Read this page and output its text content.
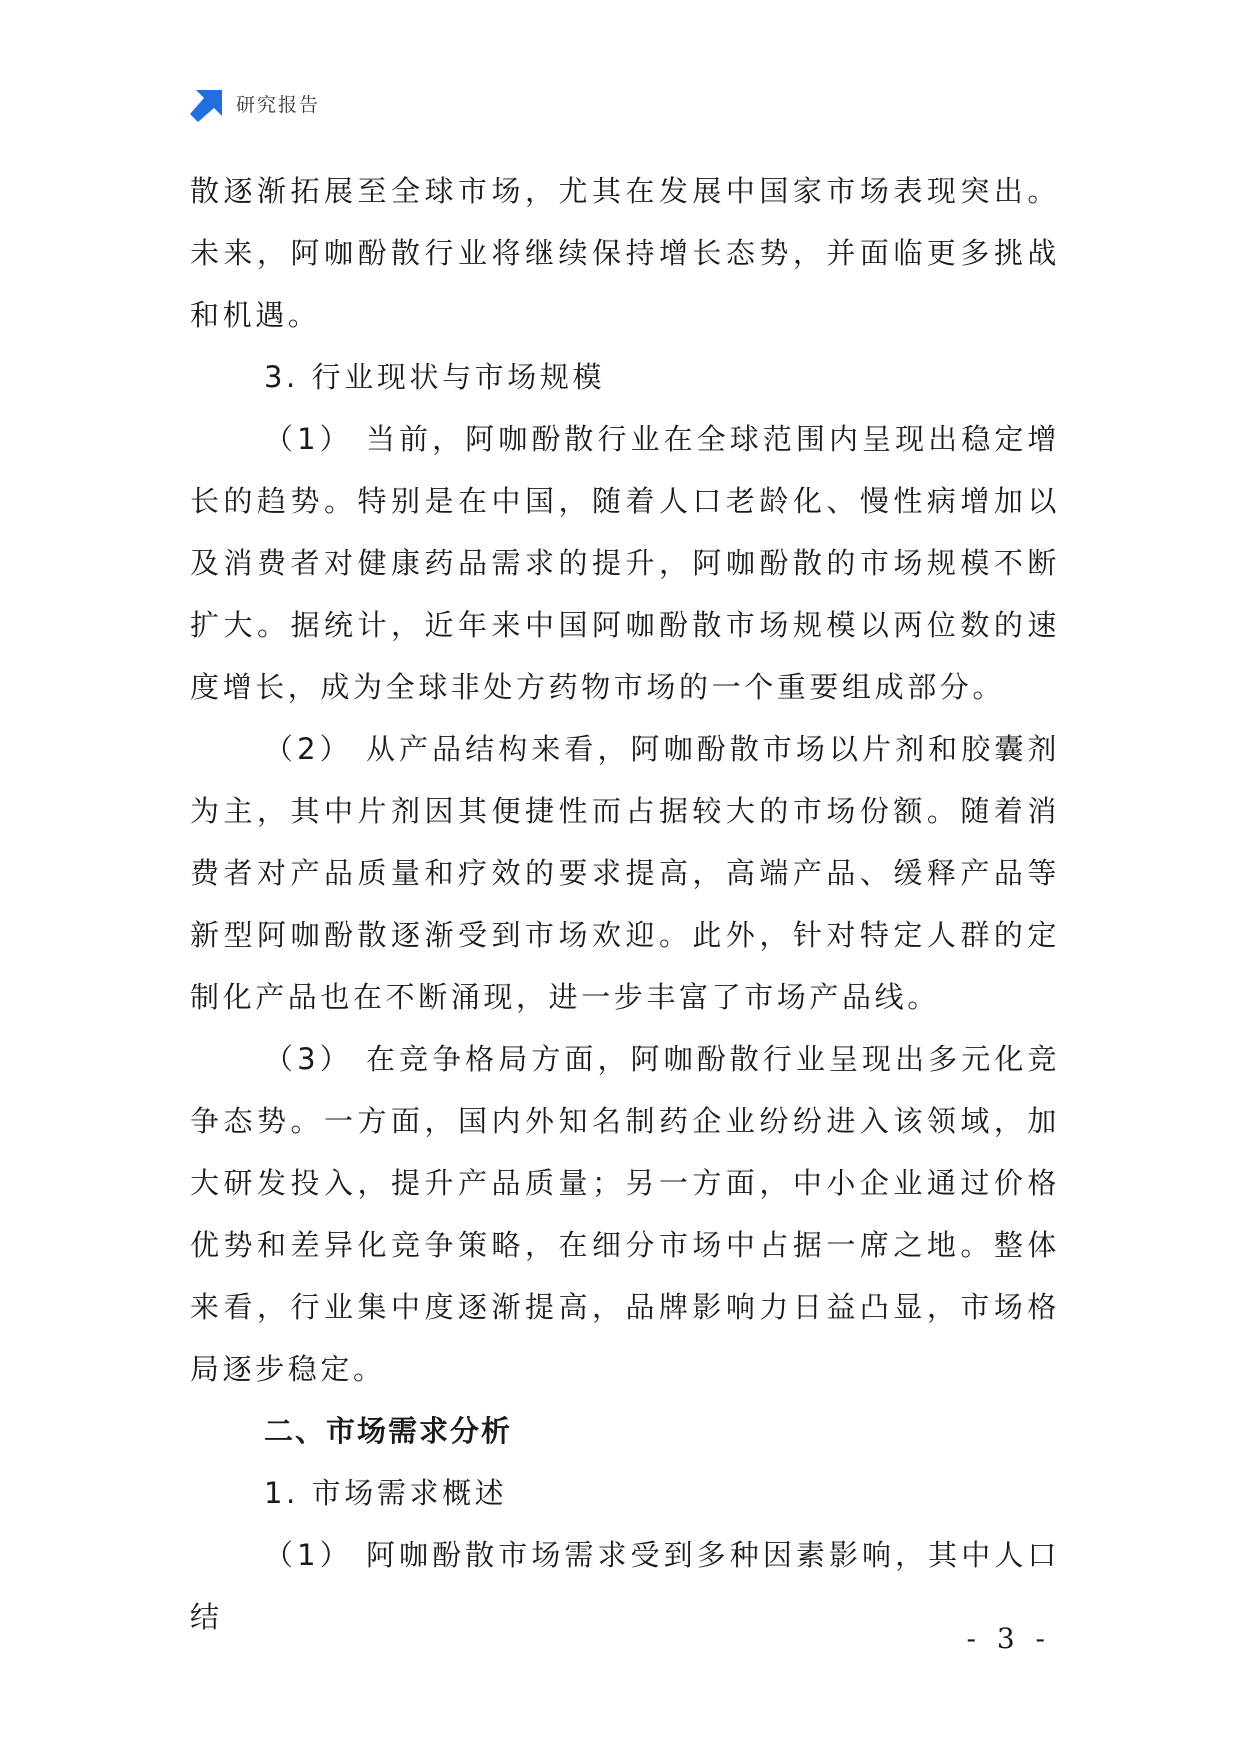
研究报告

散逐渐拓展至全球市场，尤其在发展中国家市场表现突出。未来，阿咖酚散行业将继续保持增长态势，并面临更多挑战和机遇。

3. 行业现状与市场规模

（1） 当前，阿咖酚散行业在全球范围内呈现出稳定增长的趋势。特别是在中国，随着人口老龄化、慢性病增加以及消费者对健康药品需求的提升，阿咖酚散的市场规模不断扩大。据统计，近年来中国阿咖酚散市场规模以两位数的速度增长，成为全球非处方药物市场的一个重要组成部分。

（2） 从产品结构来看，阿咖酚散市场以片剂和胶囊剂为主，其中片剂因其便捷性而占据较大的市场份额。随着消费者对产品质量和疗效的要求提高，高端产品、缓释产品等新型阿咖酚散逐渐受到市场欢迎。此外，针对特定人群的定制化产品也在不断涌现，进一步丰富了市场产品线。

（3） 在竞争格局方面，阿咖酚散行业呈现出多元化竞争态势。一方面，国内外知名制药企业纷纷进入该领域，加大研发投入，提升产品质量；另一方面，中小企业通过价格优势和差异化竞争策略，在细分市场中占据一席之地。整体来看，行业集中度逐渐提高，品牌影响力日益凸显，市场格局逐步稳定。

二、市场需求分析

1. 市场需求概述

（1） 阿咖酚散市场需求受到多种因素影响，其中人口结

- 3 -
